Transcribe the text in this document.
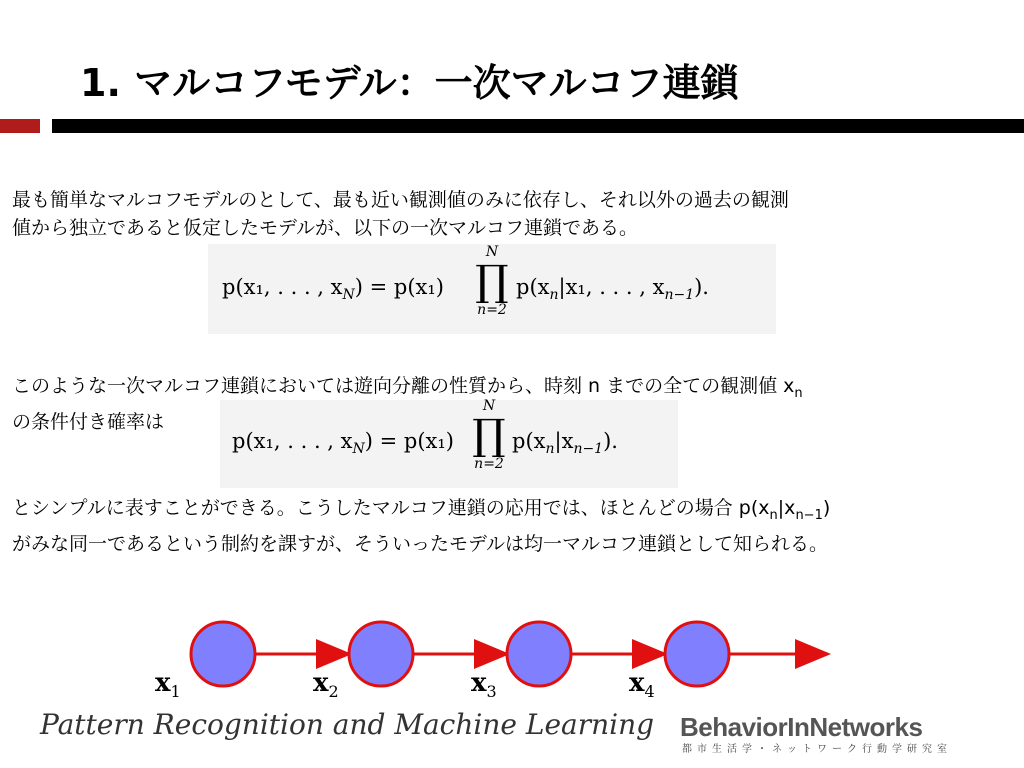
1. マルコフモデル：一次マルコフ連鎖
最も簡単なマルコフモデルのとして、最も近い観測値のみに依存し、それ以外の過去の観測
値から独立であると仮定したモデルが、以下の一次マルコフ連鎖である。
p(x₁, . . . , $x_N) = p(x_1)$
N
∏
n=2
$p(x_n|x_1$, . . . , $x_{n-1}$).
このような一次マルコフ連鎖においては遊向分離の性質から、時刻 n までの全ての観測値 $x_n$
の条件付き確率は
p(x₁, . . . , $x_N) = p(x_1)$
N
∏
n=2
$p(x_n|x_{n-1})$.
とシンプルに表すことができる。こうしたマルコフ連鎖の応用では、ほとんどの場合 $p(x_n|x_{n-1})$
がみな同一であるという制約を課すが、そういったモデルは均一マルコフ連鎖として知られる。
$x_1$	$x_2$	$x_3$	$x_4$
Pattern Recognition and Machine Learning BehaviorInNetworks
都市生活学・ネットワーク行動学研究室
